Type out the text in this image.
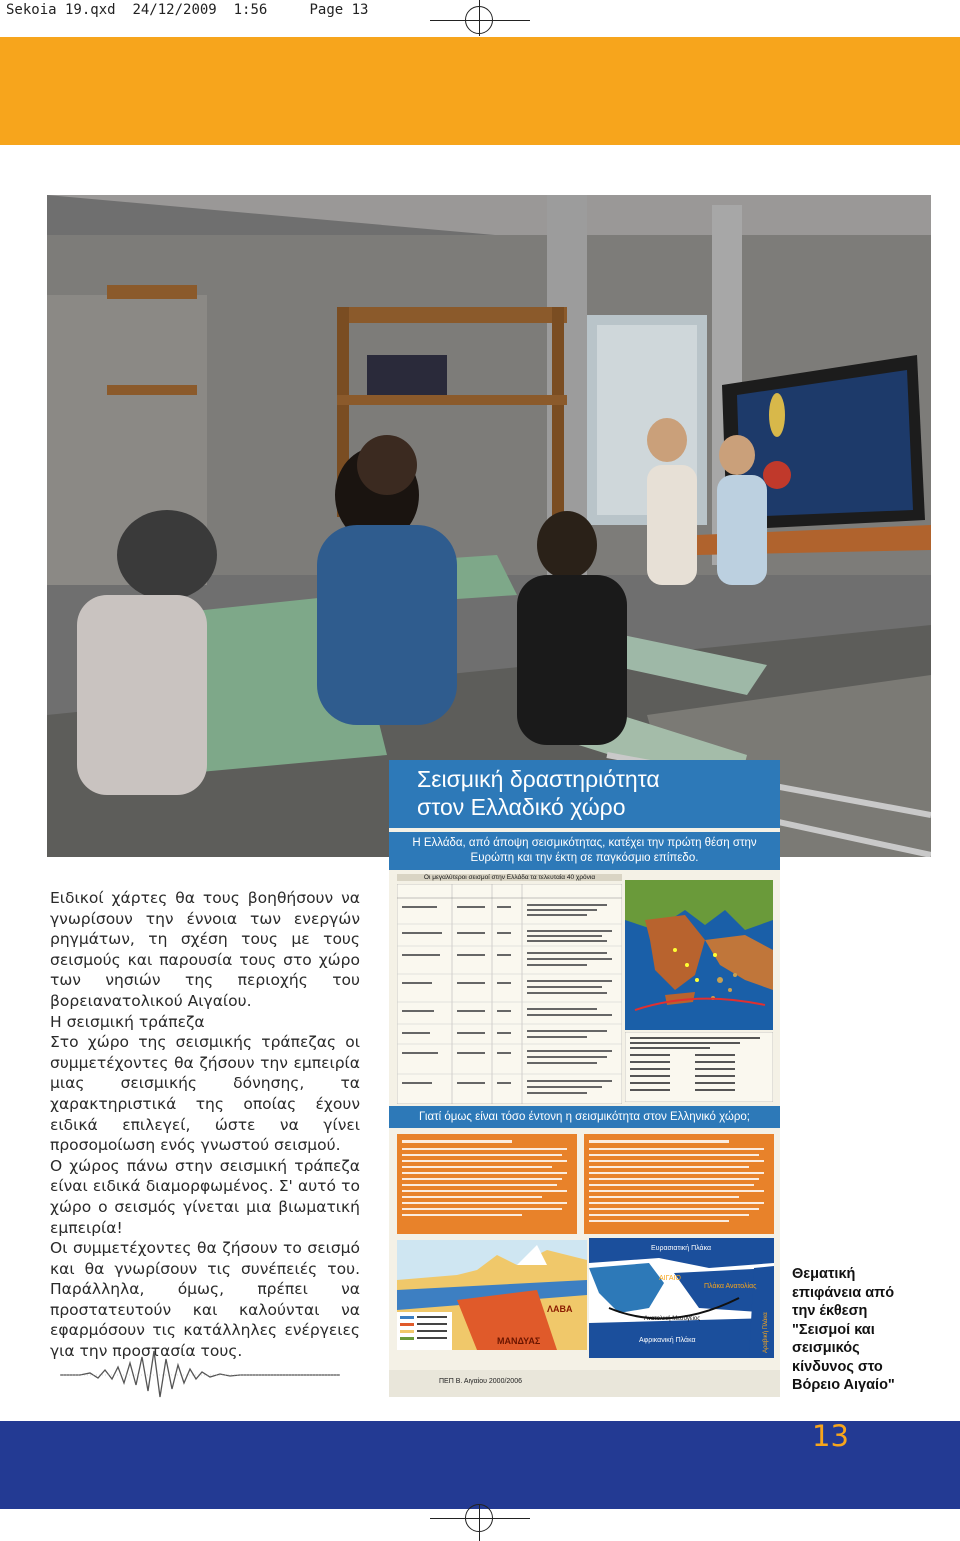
Sekoia 19.qxd 24/12/2009 1:56	Page 13
Σεισμική δραστηριότητα
στον Ελλαδικό χώρο
Η Ελλάδα, από άποψη σεισμικότητας, κατέχει την πρώτη θέση στην Ευρώπη και την έκτη σε παγκόσμιο επίπεδο.
Οι μεγαλύτεροι σεισμοί στην Ελλάδα τα τελευταία 40 χρόνια
Γιατί όμως είναι τόσο έντονη η σεισμικότητα στον Ελληνικό χώρο;
ΛΑΒΑ
ΜΑΝΔΥΑΣ
Ευρασιατική Πλάκα
ΑΙΓΑΙΟ
Πλάκα Ανατολίας
Ανατολική Μεσόγειος
Αφρικανική Πλάκα	Αραβική Πλάκα
ΠΕΠ Β. Αιγαίου 2000/2006

Ειδικοί χάρτες θα τους βοηθήσουν να γνωρίσουν την έννοια των ενεργών ρηγμάτων, τη σχέση τους με τους σεισμούς και παρουσία τους στο χώρο των νησιών της περιοχής του βορειανατολικού Αιγαίου.

Η σεισμική τράπεζα

Στο χώρο της σεισμικής τράπεζας οι συμμετέχοντες θα ζήσουν την εμπειρία μιας σεισμικής δόνησης, τα χαρακτηριστικά της οποίας έχουν ειδικά επιλεγεί, ώστε να γίνει προσομοίωση ενός γνωστού σεισμού.

Ο χώρος πάνω στην σεισμική τράπεζα είναι ειδικά διαμορφωμένος. Σ' αυτό το χώρο ο σεισμός γίνεται μια βιωματική εμπειρία!

Οι συμμετέχοντες θα ζήσουν το σεισμό και θα γνωρίσουν τις συνέπειές του. Παράλληλα, όμως, πρέπει να προστατευτούν και καλούνται να εφαρμόσουν τις κατάλληλες ενέργειες για την προστασία τους.

Θεματική
επιφάνεια από
την έκθεση
"Σεισμοί και
σεισμικός
κίνδυνος στο
Βόρειο Αιγαίο"
13
